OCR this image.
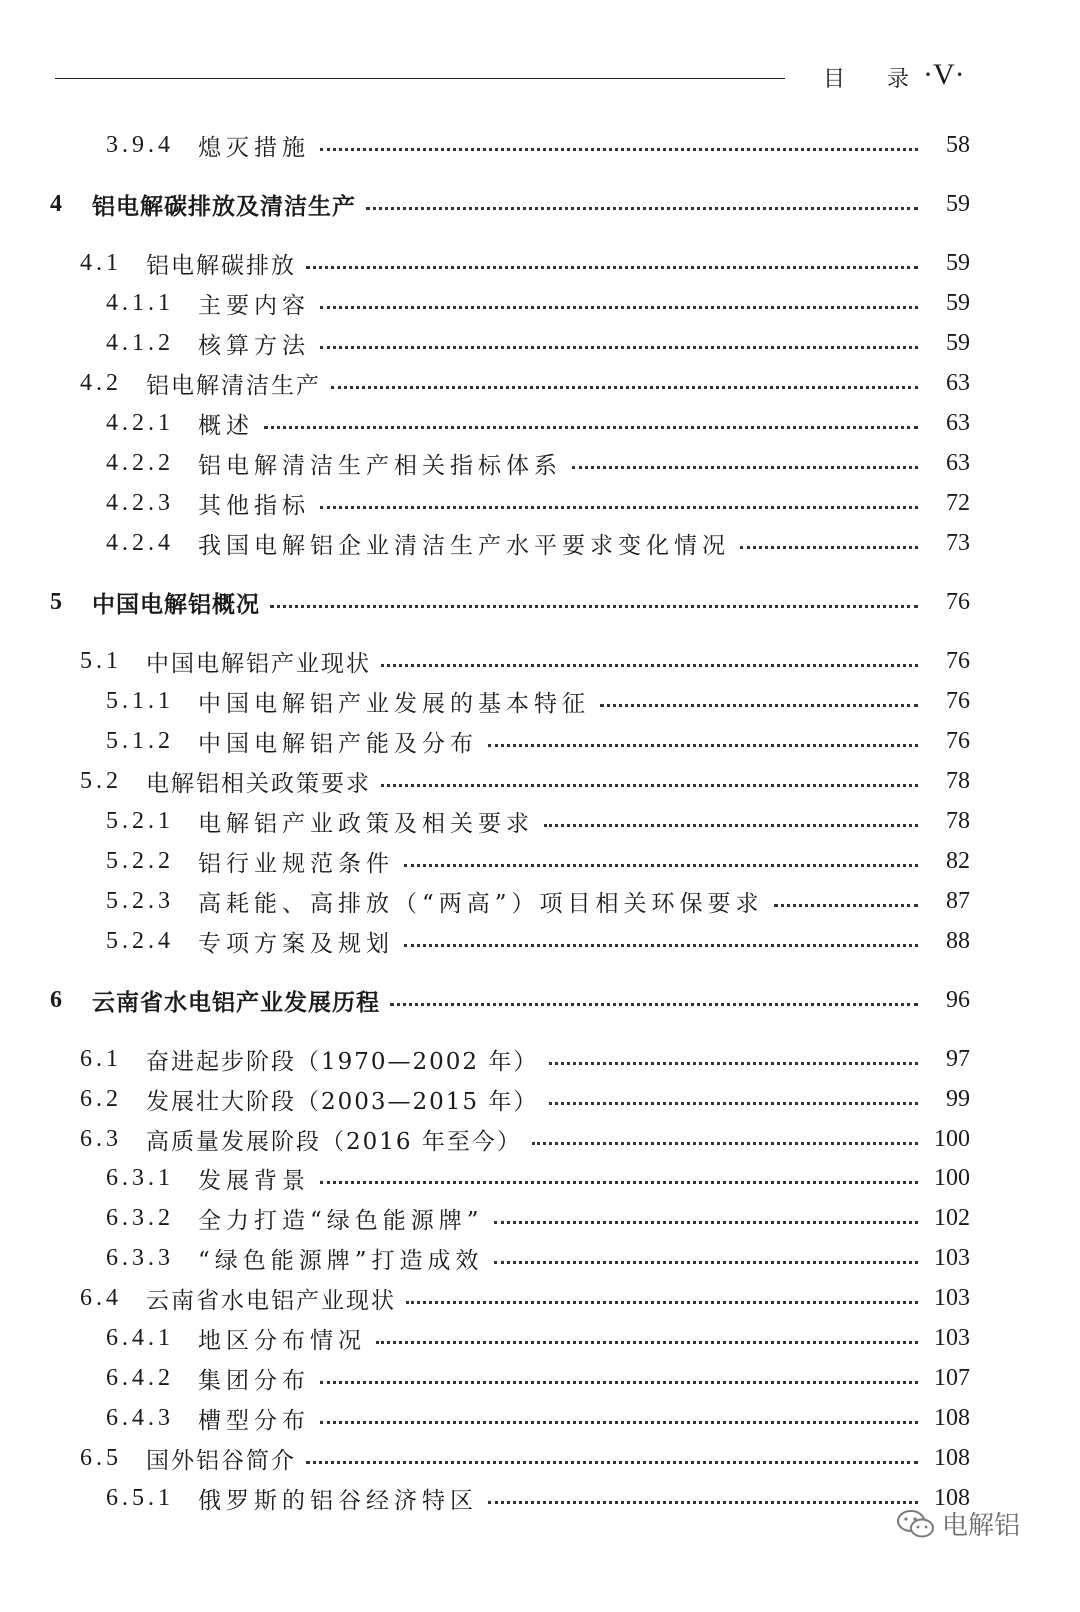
目 录 ·V·
3.9.4 熄灭措施	58
4 铝电解碳排放及清洁生产	59
4.1 铝电解碳排放	59
4.1.1 主要内容	59
4.1.2 核算方法	59
4.2 铝电解清洁生产	63
4.2.1 概述	63
4.2.2 铝电解清洁生产相关指标体系	63
4.2.3 其他指标	72
4.2.4 我国电解铝企业清洁生产水平要求变化情况	73
5 中国电解铝概况	76
5.1 中国电解铝产业现状	76
5.1.1 中国电解铝产业发展的基本特征	76
5.1.2 中国电解铝产能及分布	76
5.2 电解铝相关政策要求	78
5.2.1 电解铝产业政策及相关要求	78
5.2.2 铝行业规范条件	82
5.2.3 高耗能、高排放（“两高”）项目相关环保要求	87
5.2.4 专项方案及规划	88
6 云南省水电铝产业发展历程	96
6.1 奋进起步阶段（1970—2002 年）	97
6.2 发展壮大阶段（2003—2015 年）	99
6.3 高质量发展阶段（2016 年至今）	100
6.3.1 发展背景	100
6.3.2 全力打造“绿色能源牌”	102
6.3.3 “绿色能源牌”打造成效	103
6.4 云南省水电铝产业现状	103
6.4.1 地区分布情况	103
6.4.2 集团分布	107
6.4.3 槽型分布	108
6.5 国外铝谷简介	108
6.5.1 俄罗斯的铝谷经济特区	108
电解铝
